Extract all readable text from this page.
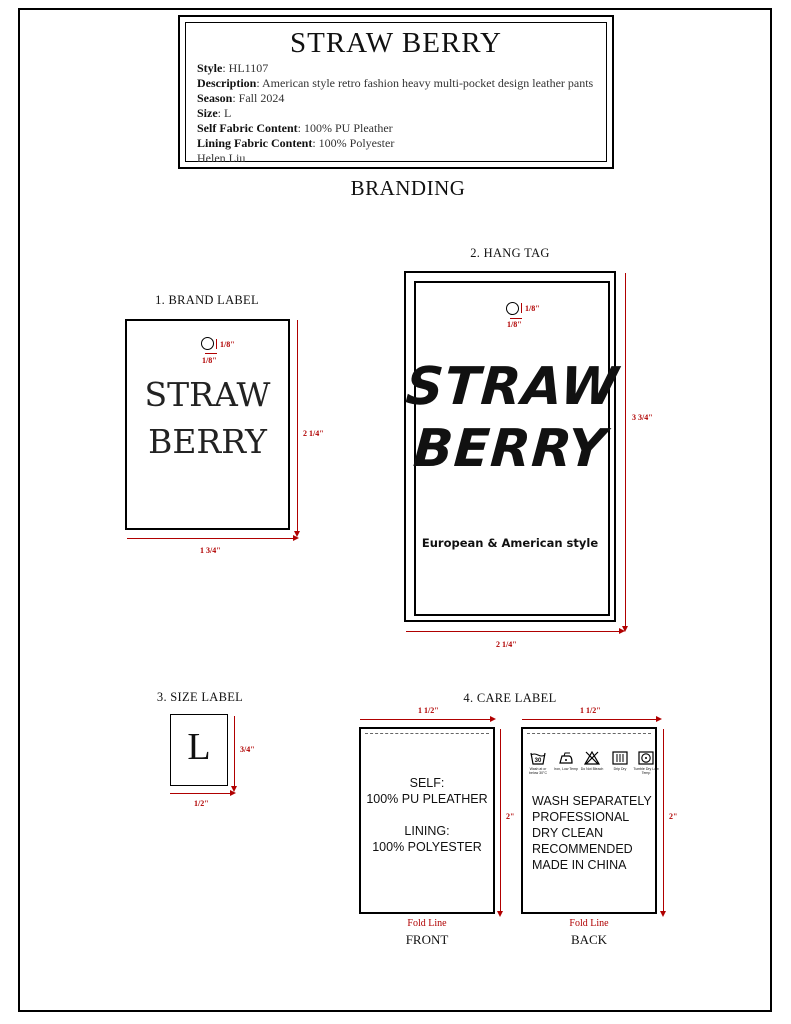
STRAW BERRY
Style: HL1107
Description: American style retro fashion heavy multi-pocket design leather pants
Season: Fall 2024
Size: L
Self Fabric Content: 100% PU Pleather
Lining Fabric Content: 100% Polyester
Helen Liu
BRANDING
1. BRAND LABEL
1/8"
1/8"
STRAW
BERRY	2 1/4"
1 3/4"
2. HANG TAG
1/8"
1/8"
STRAW
BERRY
European & American style
3 3/4"
2 1/4"
3. SIZE LABEL
L	3/4"
1/2"
4. CARE LABEL
1 1/2"
SELF:
100% PU PLEATHER
LINING:
100% POLYESTER
2"
Fold Line
FRONT
1 1/2"
30
Wash at or below 30°C
Iron, Low Temp Do Not Bleach	Drip Dry	Tumble Dry Low Temp
WASH SEPARATELY
PROFESSIONAL
DRY CLEAN
RECOMMENDED
MADE IN CHINA
2"
Fold Line
BACK
